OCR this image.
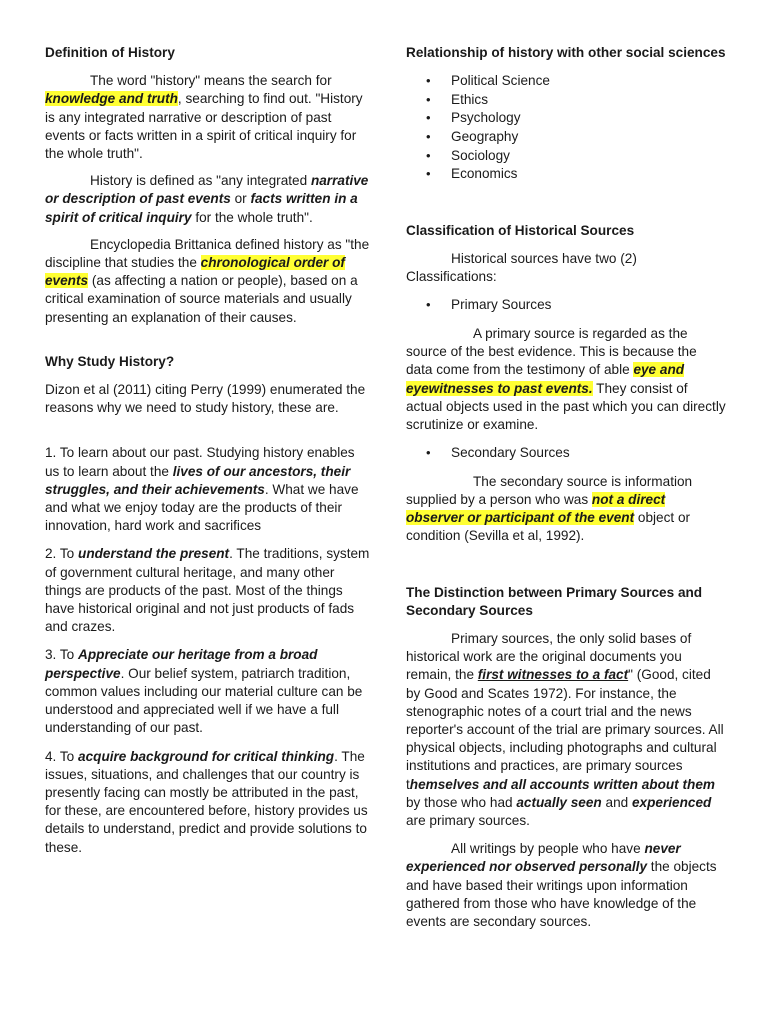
Definition of History

The word "history" means the search for knowledge and truth, searching to find out. "History is any integrated narrative or description of past events or facts written in a spirit of critical inquiry for the whole truth".

History is defined as "any integrated narrative or description of past events or facts written in a spirit of critical inquiry for the whole truth".

Encyclopedia Brittanica defined history as "the discipline that studies the chronological order of events (as affecting a nation or people), based on a critical examination of source materials and usually presenting an explanation of their causes.

Why Study History?

Dizon et al (2011) citing Perry (1999) enumerated the reasons why we need to study history, these are.

1. To learn about our past. Studying history enables us to learn about the lives of our ancestors, their struggles, and their achievements. What we have and what we enjoy today are the products of their innovation, hard work and sacrifices

2. To understand the present. The traditions, system of government cultural heritage, and many other things are products of the past. Most of the things have historical original and not just products of fads and crazes.

3. To Appreciate our heritage from a broad perspective. Our belief system, patriarch tradition, common values including our material culture can be understood and appreciated well if we have a full understanding of our past.

4. To acquire background for critical thinking. The issues, situations, and challenges that our country is presently facing can mostly be attributed in the past, for these, are encountered before, history provides us details to understand, predict and provide solutions to these.

Relationship of history with other social sciences
• Political Science
• Ethics
• Psychology
• Geography
• Sociology
• Economics
Classification of Historical Sources

Historical sources have two (2) Classifications:

• Primary Sources

A primary source is regarded as the source of the best evidence. This is because the data come from the testimony of able eye and eyewitnesses to past events. They consist of actual objects used in the past which you can directly scrutinize or examine.

• Secondary Sources

The secondary source is information supplied by a person who was not a direct observer or participant of the event object or condition (Sevilla et al, 1992).

The Distinction between Primary Sources and Secondary Sources

Primary sources, the only solid bases of historical work are the original documents you remain, the first witnesses to a fact" (Good, cited by Good and Scates 1972). For instance, the stenographic notes of a court trial and the news reporter's account of the trial are primary sources. All physical objects, including photographs and cultural institutions and practices, are primary sources themselves and all accounts written about them by those who had actually seen and experienced are primary sources.

All writings by people who have never experienced nor observed personally the objects and have based their writings upon information gathered from those who have knowledge of the events are secondary sources.
